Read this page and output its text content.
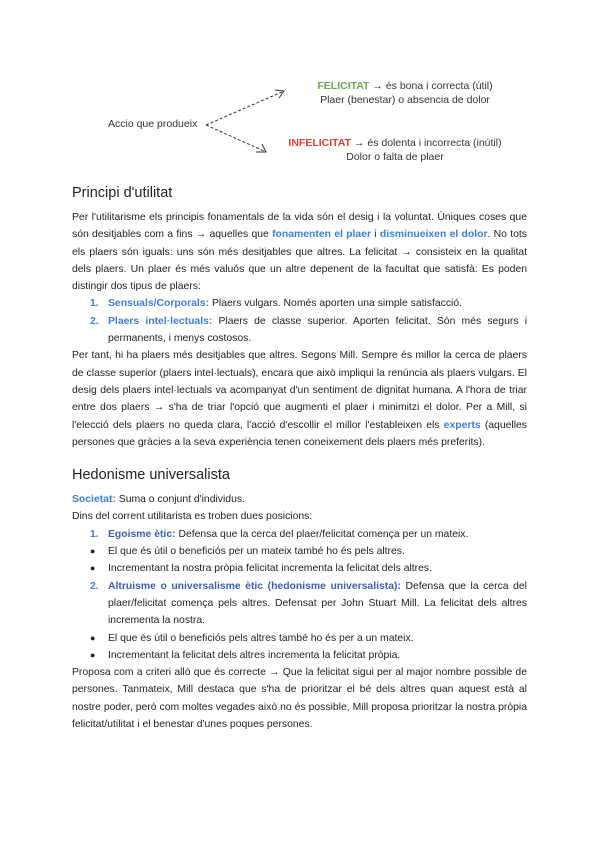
Accio que produeix
FELICITAT → és bona i correcta (útil)
Plaer (benestar) o absencia de dolor
INFELICITAT → és dolenta i incorrecta (inútil)
Dolor o falta de plaer
Principi d'utilitat

Per l'utilitarisme els principis fonamentals de la vida són el desig i la voluntat. Úniques coses que són desitjables com a fins → aquelles que fonamenten el plaer i disminueixen el dolor. No tots els plaers són iguals: uns són més desitjables que altres. La felicitat → consisteix en la qualitat dels plaers. Un plaer és més valuós que un altre depenent de la facultat que satisfà: Es poden distingir dos tipus de plaers:

1. Sensuals/Corporals: Plaers vulgars. Només aporten una simple satisfacció.
2. Plaers intel·lectuals: Plaers de classe superior. Aporten felicitat. Són més segurs i permanents, i menys costosos.

Per tant, hi ha plaers més desitjables que altres. Segons Mill. Sempre és millor la cerca de plaers de classe superior (plaers intel·lectuals), encara que això impliqui la renúncia als plaers vulgars. El desig dels plaers intel·lectuals va acompanyat d'un sentiment de dignitat humana. A l'hora de triar entre dos plaers → s'ha de triar l'opció que augmenti el plaer i minimitzi el dolor. Per a Mill, si l'elecció dels plaers no queda clara, l'acció d'escollir el millor l'estableixen els experts (aquelles persones que gràcies a la seva experiència tenen coneixement dels plaers més preferits).

Hedonisme universalista

Societat: Suma o conjunt d'individus.

Dins del corrent utilitarista es troben dues posicions:

1. Egoisme ètic: Defensa que la cerca del plaer/felicitat comença per un mateix.
● El que és útil o beneficiós per un mateix també ho és pels altres.
● Incrementant la nostra pròpia felicitat incrementa la felicitat dels altres.
2. Altruisme o universalisme ètic (hedonisme universalista): Defensa que la cerca del plaer/felicitat comença pels altres. Defensat per John Stuart Mill. La felicitat dels altres incrementa la nostra.
● El que és útil o beneficiós pels altres també ho és per a un mateix.
● Incrementant la felicitat dels altres incrementa la felicitat pròpia.

Proposa com a criteri allò que és correcte → Que la felicitat sigui per al major nombre possible de persones. Tanmateix, Mill destaca que s'ha de prioritzar el bé dels altres quan aquest està al nostre poder, però com moltes vegades això no és possible, Mill proposa prioritzar la nostra pròpia felicitat/utilitat i el benestar d'unes poques persones.
